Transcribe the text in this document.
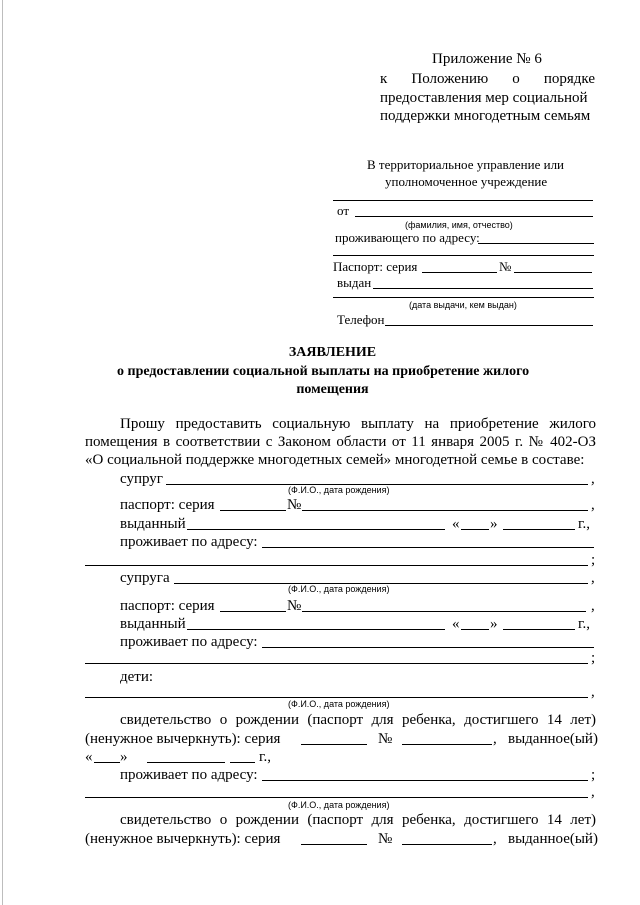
Приложение № 6
к Положению о порядке
предоставления мер социальной
поддержки многодетным семьям
В территориальное управление или
уполномоченное учреждение
от
(фамилия, имя, отчество)
проживающего по адресу:
Паспорт: серия	№
выдан
(дата выдачи, кем выдан)
Телефон
ЗАЯВЛЕНИЕ
о предоставлении социальной выплаты на приобретение жилого
помещения
Прошу предоставить социальную выплату на приобретение жилого
помещения в соответствии с Законом области от 11 января 2005 г. № 402-ОЗ
«О социальной поддержке многодетных семей» многодетной семье в составе:
супруг	,
(Ф.И.О., дата рождения)
паспорт: серия	№	,
выданный	« »	г.,
проживает по адресу:
;
супруга	,
(Ф.И.О., дата рождения)
паспорт: серия	№	,
выданный	« »	г.,
проживает по адресу:
;
дети:
,
(Ф.И.О., дата рождения)
свидетельство о рождении (паспорт для ребенка, достигшего 14 лет)
(ненужное вычеркнуть): серия	№	, выданное(ый)
« »	г.,
проживает по адресу:	;
,
(Ф.И.О., дата рождения)
свидетельство о рождении (паспорт для ребенка, достигшего 14 лет)
(ненужное вычеркнуть): серия	№	, выданное(ый)
